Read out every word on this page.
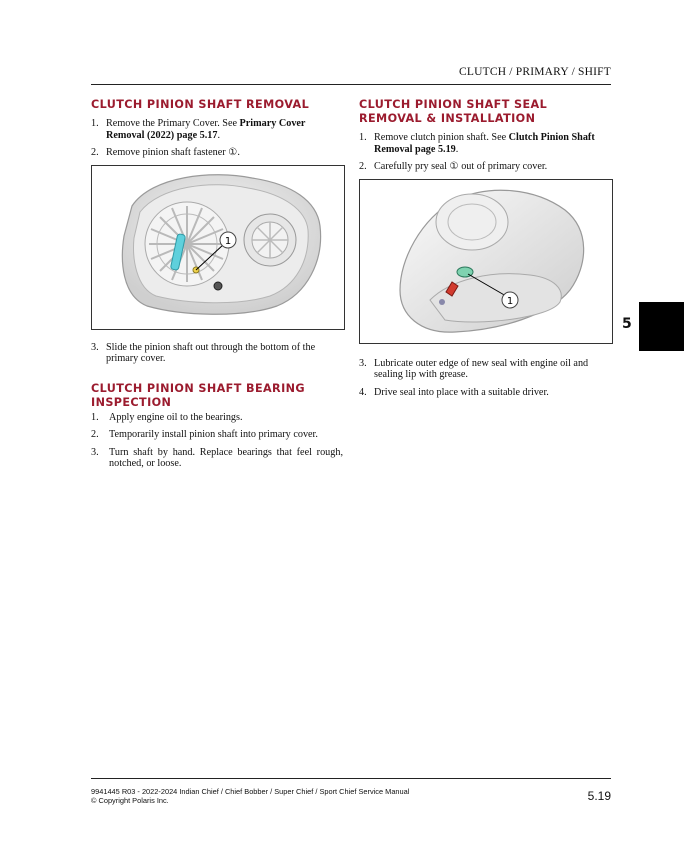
CLUTCH / PRIMARY / SHIFT
CLUTCH PINION SHAFT REMOVAL
1. Remove the Primary Cover. See Primary Cover Removal (2022) page 5.17.
2. Remove pinion shaft fastener ①.
1
3. Slide the pinion shaft out through the bottom of the primary cover.
CLUTCH PINION SHAFT BEARING INSPECTION
1.	Apply engine oil to the bearings.
2.	Temporarily install pinion shaft into primary cover.
3.	Turn shaft by hand. Replace bearings that feel rough, notched, or loose.
CLUTCH PINION SHAFT SEAL REMOVAL & INSTALLATION
1. Remove clutch pinion shaft. See Clutch Pinion Shaft Removal page 5.19.
2. Carefully pry seal ① out of primary cover.
1
3. Lubricate outer edge of new seal with engine oil and sealing lip with grease.
4. Drive seal into place with a suitable driver.
5
9941445 R03 - 2022-2024 Indian Chief / Chief Bobber / Super Chief / Sport Chief Service Manual
© Copyright Polaris Inc.	5.19
